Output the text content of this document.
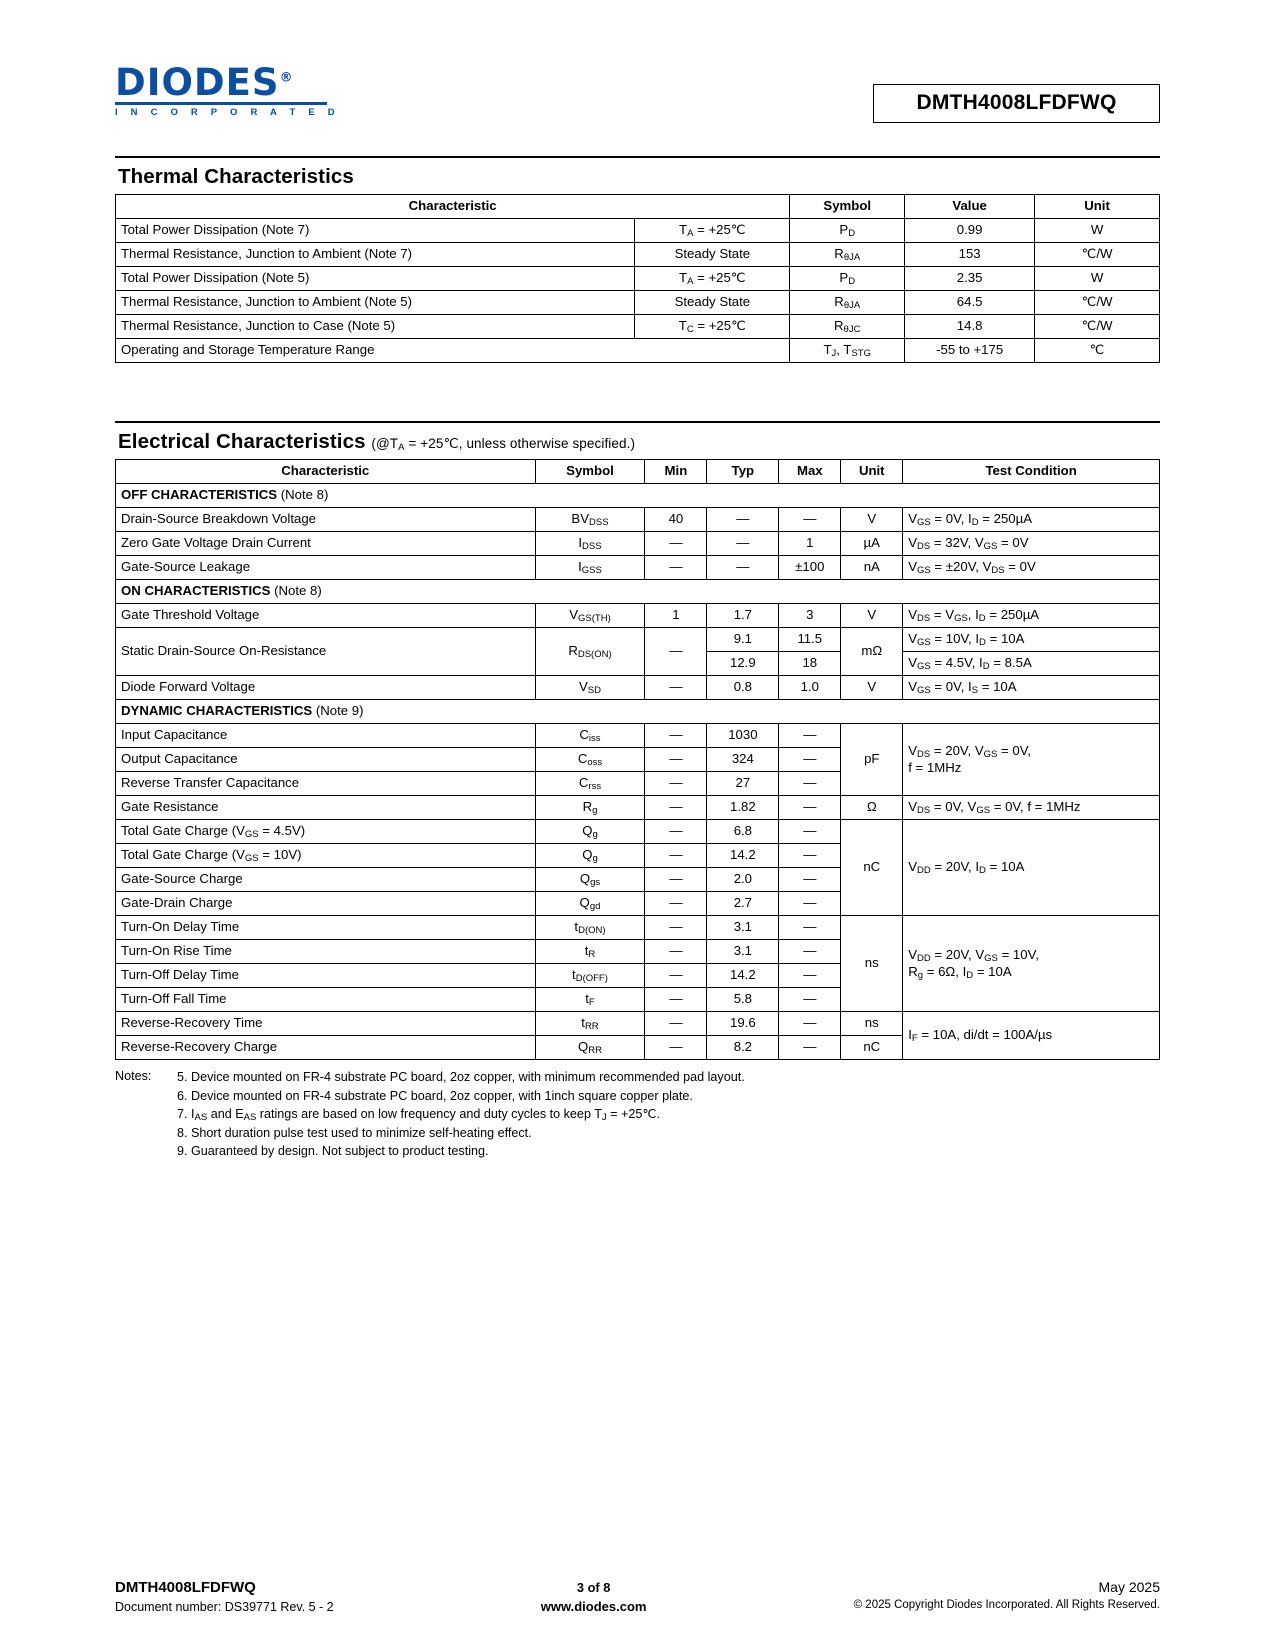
DIODES®
I N C O R P O R A T E D	DMTH4008LFDFWQ
Thermal Characteristics
Characteristic		Symbol	Value	Unit
Total Power Dissipation (Note 7)	$T_A$ = +25℃	$P_D$	0.99	W
Thermal Resistance, Junction to Ambient (Note 7)	Steady State	$R_{\theta JA}$	153	℃/W
Total Power Dissipation (Note 5)	$T_A$ = +25℃	$P_D$	2.35	W
Thermal Resistance, Junction to Ambient (Note 5)	Steady State	$R_{\theta JA}$	64.5	℃/W
Thermal Resistance, Junction to Case (Note 5)	$T_C$ = +25℃	$R_{\theta JC}$	14.8	℃/W
Operating and Storage Temperature Range		$T_J$, $T_{STG}$	-55 to +175	℃
Electrical Characteristics ($@T_A$ = +25℃, unless otherwise specified.)
Characteristic	Symbol	Min	Typ	Max	Unit	Test Condition
OFF CHARACTERISTICS (Note 8)						
Drain-Source Breakdown Voltage	$BV_{DSS}$	40	—	—	V	$V_{GS} = 0V$, $I_D = 250\mu A$
Zero Gate Voltage Drain Current	$I_{DSS}$	—	—	1	µA	$V_{DS} = 32V$, $V_{GS} = 0V$
Gate-Source Leakage	$I_{GSS}$	—	—	±100	nA	$V_{GS} = \pm 20V$, $V_{DS} = 0V$
ON CHARACTERISTICS (Note 8)						
Gate Threshold Voltage	$V_{GS(TH)}$	1	1.7	3	V	$V_{DS} = V_{GS}$, $I_D = 250\mu A$
Static Drain-Source On-Resistance	$R_{DS(ON)}$	—	9.1	11.5	mΩ	$V_{GS} = 10V$, $I_D = 10A$
			12.9	18		$V_{GS} = 4.5V$, $I_D = 8.5A$
Diode Forward Voltage	$V_{SD}$	—	0.8	1.0	V	$V_{GS} = 0V$, $I_S = 10A$
DYNAMIC CHARACTERISTICS (Note 9)						
Input Capacitance	$C_{iss}$	—	1030	—	pF	$V_{DS} = 20V$, $V_{GS} = 0V$,
f = 1MHz
Output Capacitance	$C_{oss}$	—	324	—		
Reverse Transfer Capacitance	$C_{rss}$	—	27	—		
Gate Resistance	$R_g$	—	1.82	—	Ω	$V_{DS} = 0V$, $V_{GS} = 0V$, f = 1MHz
Total Gate Charge $(V_{GS} = 4.5V)$	$Q_g$	—	6.8	—	nC	$V_{DD} = 20V$, $I_D = 10A$
Total Gate Charge $(V_{GS} = 10V)$	$Q_g$	—	14.2	—		
Gate-Source Charge	$Q_{gs}$	—	2.0	—		
Gate-Drain Charge	$Q_{gd}$	—	2.7	—		
Turn-On Delay Time	$t_{D(ON)}$	—	3.1	—	ns	$V_{DD} = 20V$, $V_{GS} = 10V$,
$R_g = 6\Omega$, $I_D = 10A$
Turn-On Rise Time	$t_R$	—	3.1	—		
Turn-Off Delay Time	$t_{D(OFF)}$	—	14.2	—		
Turn-Off Fall Time	$t_F$	—	5.8	—		
Reverse-Recovery Time	$t_{RR}$	—	19.6	—	ns	$I_F = 10A$, di/dt = 100A/µs
Reverse-Recovery Charge	$Q_{RR}$	—	8.2	—	nC	
Notes:	5. Device mounted on FR-4 substrate PC board, 2oz copper, with minimum recommended pad layout.
6. Device mounted on FR-4 substrate PC board, 2oz copper, with 1inch square copper plate.
7. $I_{AS}$ and $E_{AS}$ ratings are based on low frequency and duty cycles to keep $T_J$ = +25℃.
8. Short duration pulse test used to minimize self-heating effect.
9. Guaranteed by design. Not subject to product testing.
DMTH4008LFDFWQ
Document number: DS39771 Rev. 5 - 2
3 of 8
www.diodes.com
May 2025
© 2025 Copyright Diodes Incorporated. All Rights Reserved.
